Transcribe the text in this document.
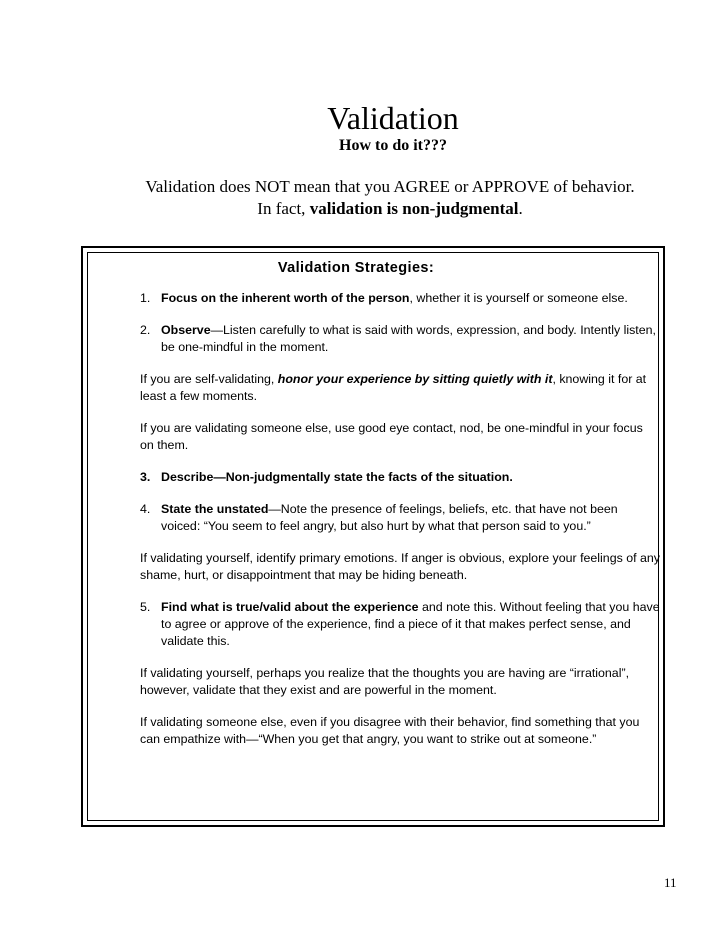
Validation
How to do it???
Validation does NOT mean that you AGREE or APPROVE of behavior.
In fact, validation is non-judgmental.
Validation Strategies:
1. Focus on the inherent worth of the person, whether it is yourself or someone else.
2. Observe—Listen carefully to what is said with words, expression, and body. Intently listen, be one-mindful in the moment.

If you are self-validating, honor your experience by sitting quietly with it, knowing it for at least a few moments.

If you are validating someone else, use good eye contact, nod, be one-mindful in your focus on them.

3. Describe—Non-judgmentally state the facts of the situation.
4. State the unstated—Note the presence of feelings, beliefs, etc. that have not been voiced: “You seem to feel angry, but also hurt by what that person said to you.”

If validating yourself, identify primary emotions. If anger is obvious, explore your feelings of any shame, hurt, or disappointment that may be hiding beneath.

5. Find what is true/valid about the experience and note this. Without feeling that you have to agree or approve of the experience, find a piece of it that makes perfect sense, and validate this.

If validating yourself, perhaps you realize that the thoughts you are having are “irrational”, however, validate that they exist and are powerful in the moment.

If validating someone else, even if you disagree with their behavior, find something that you can empathize with—“When you get that angry, you want to strike out at someone.”

11
